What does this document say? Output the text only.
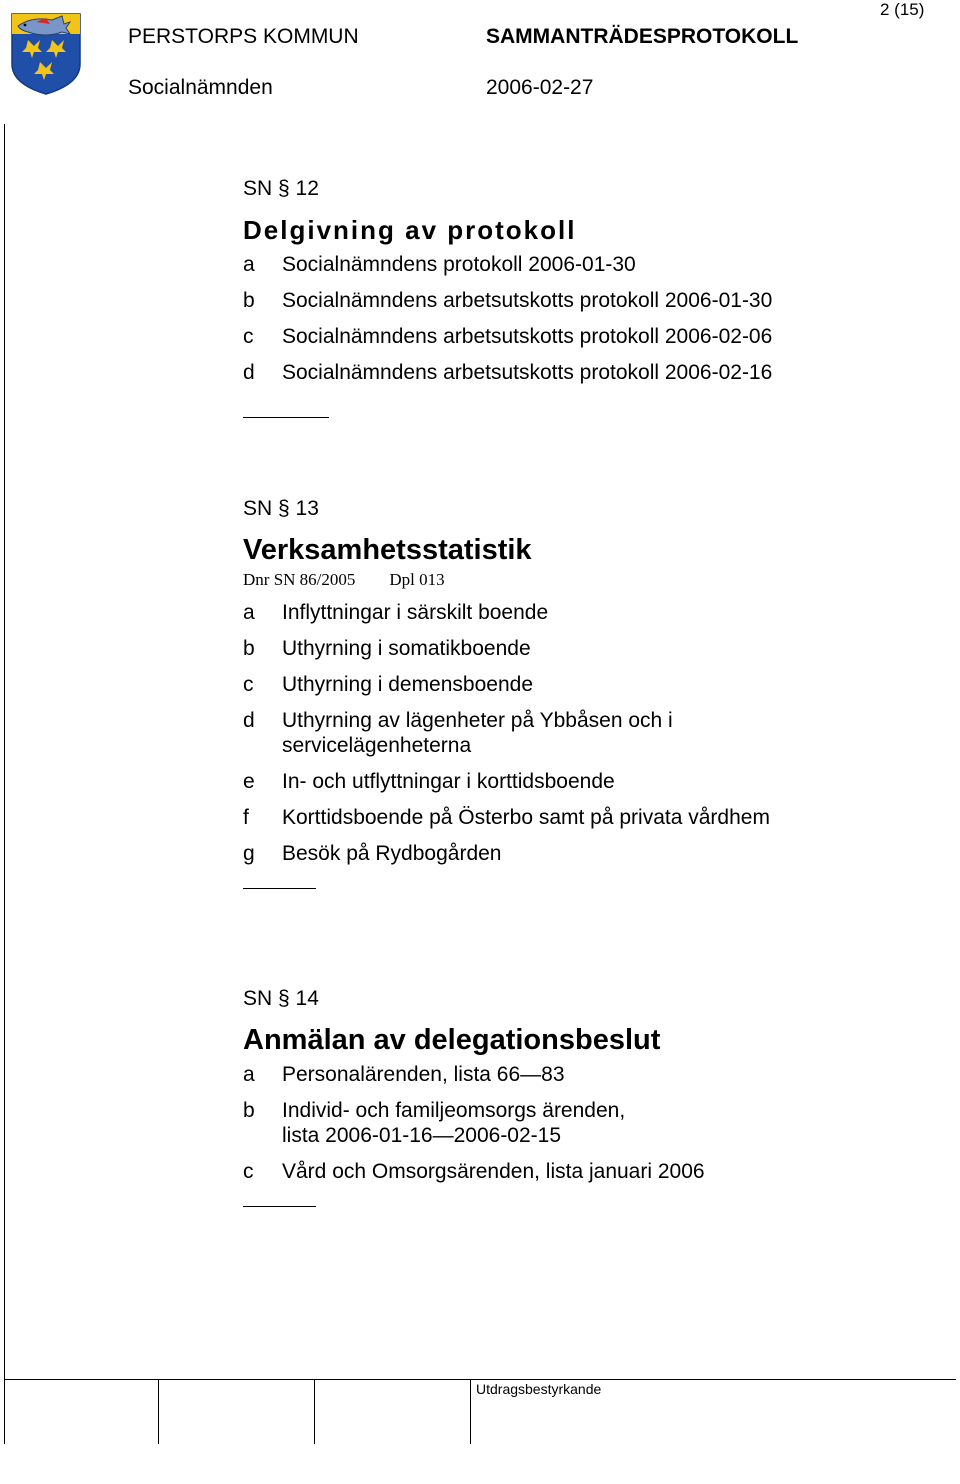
2 (15)
PERSTORPS KOMMUN	SAMMANTRÄDESPROTOKOLL
Socialnämnden	2006-02-27

SN § 12

Delgivning av protokoll

a	Socialnämndens protokoll 2006-01-30
b	Socialnämndens arbetsutskotts protokoll 2006-01-30
c	Socialnämndens arbetsutskotts protokoll 2006-02-06
d	Socialnämndens arbetsutskotts protokoll 2006-02-16

SN § 13

Verksamhetsstatistik

Dnr SN 86/2005 Dpl 013
a	Inflyttningar i särskilt boende
b	Uthyrning i somatikboende
c	Uthyrning i demensboende
d	Uthyrning av lägenheter på Ybbåsen och i servicelägenheterna
e	In- och utflyttningar i korttidsboende
f	Korttidsboende på Österbo samt på privata vårdhem
g	Besök på Rydbogården

SN § 14

Anmälan av delegationsbeslut

a	Personalärenden, lista 66—83
b	Individ- och familjeomsorgs ärenden, lista 2006-01-16—2006-02-15
c	Vård och Omsorgsärenden, lista januari 2006
Utdragsbestyrkande
